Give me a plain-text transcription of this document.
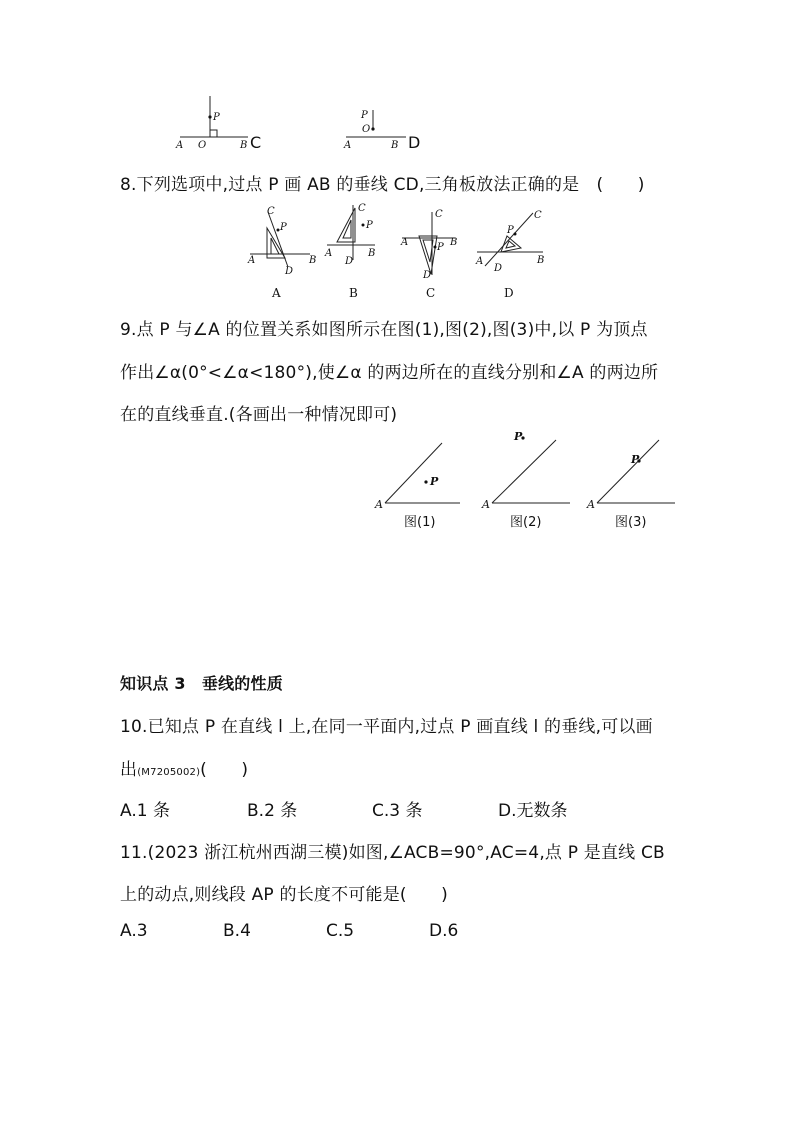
P
O
A	B C
P
O
A	B D
8.下列选项中,过点 P 画 AB 的垂线 CD,三角板放法正确的是　(　　)
C
P
A	B
D
A
C
P
A	B
D
B
C
P
A	B
D
C
C
P
A	B
D
D
9.点 P 与∠A 的位置关系如图所示在图(1),图(2),图(3)中,以 P 为顶点
作出∠α(0°<∠α<180°),使∠α 的两边所在的直线分别和∠A 的两边所
在的直线垂直.(各画出一种情况即可)
P
A
图(1)
P
A
图(2)
P
A
图(3)
知识点 3　垂线的性质
10.已知点 P 在直线 l 上,在同一平面内,过点 P 画直线 l 的垂线,可以画
出(M7205002)(　　)
A.1 条	B.2 条	C.3 条	D.无数条
11.(2023 浙江杭州西湖三模)如图,∠ACB=90°,AC=4,点 P 是直线 CB
上的动点,则线段 AP 的长度不可能是(　　)
A.3	B.4	C.5	D.6
